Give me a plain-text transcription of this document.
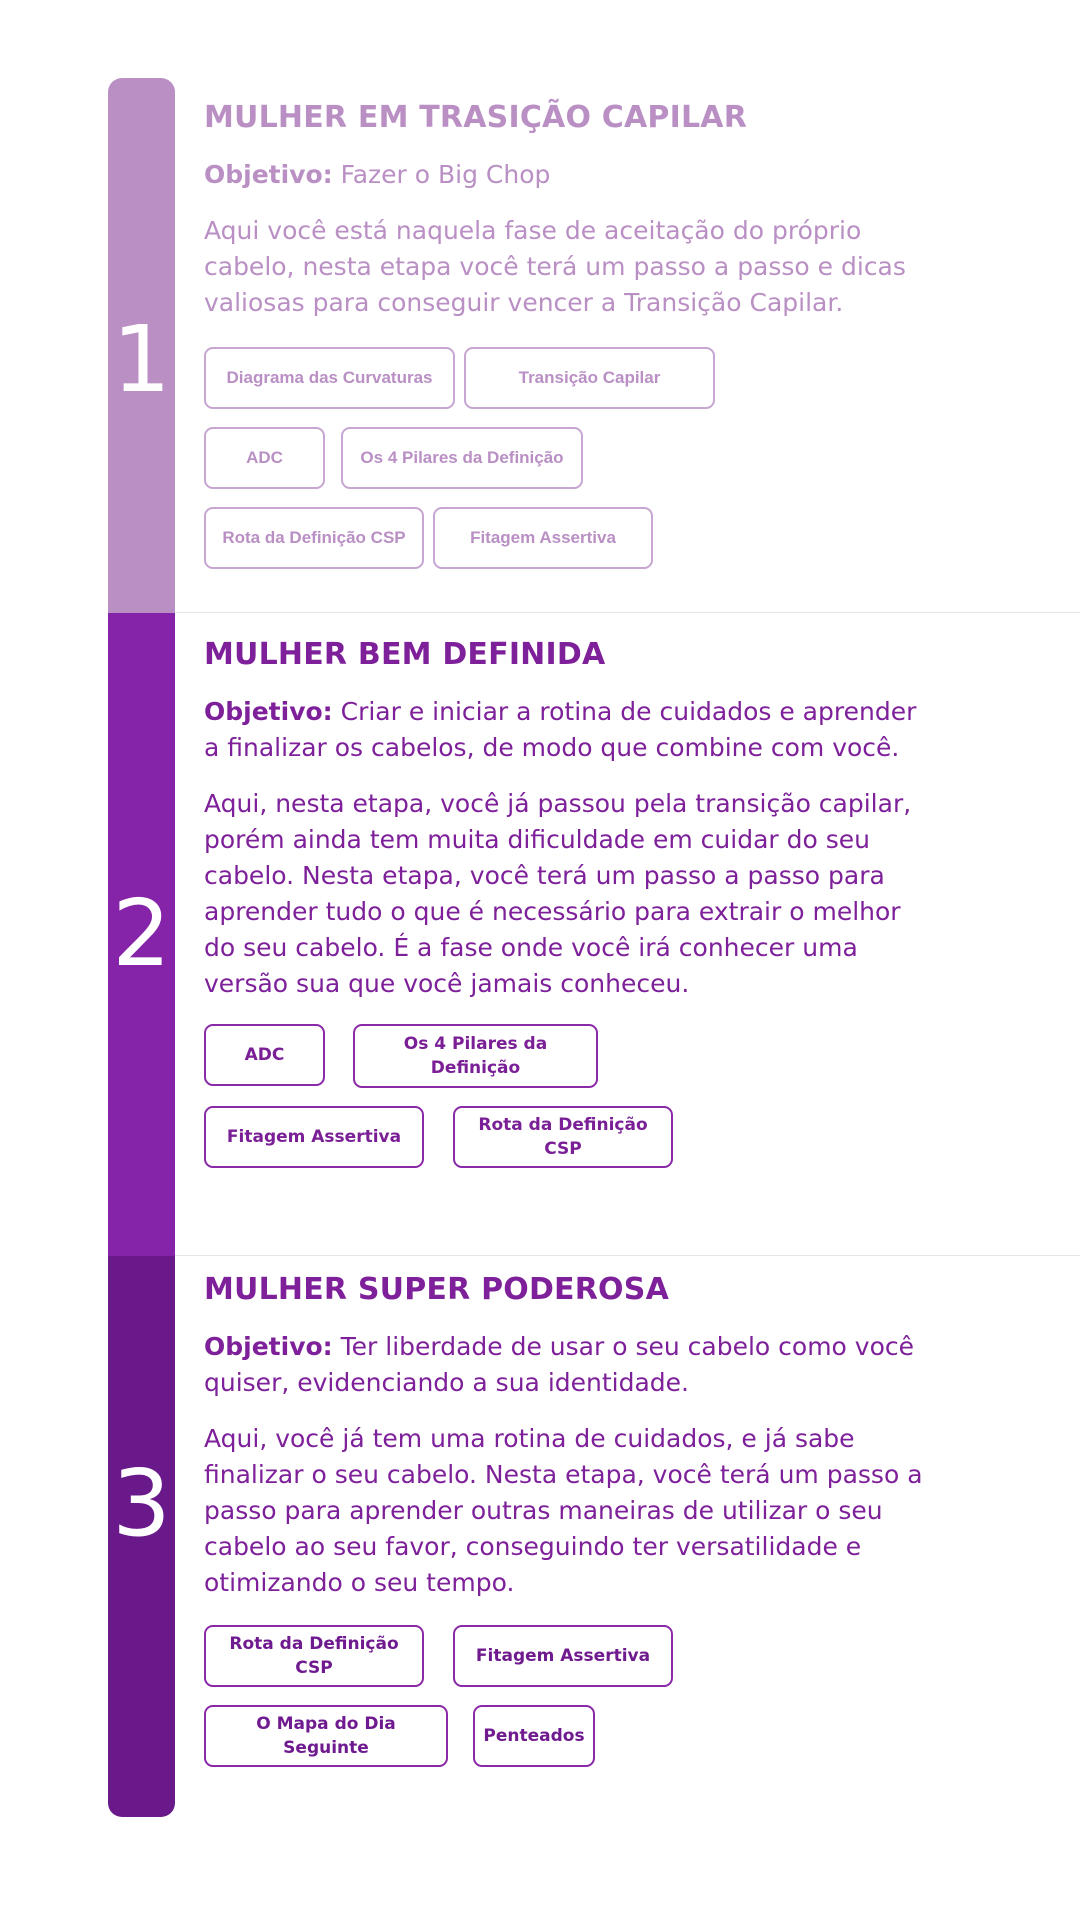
1
MULHER EM TRASIÇÃO CAPILAR

Objetivo: Fazer o Big Chop

Aqui você está naquela fase de aceitação do próprio cabelo, nesta etapa você terá um passo a passo e dicas valiosas para conseguir vencer a Transição Capilar.

Diagrama das Curvaturas	Transição Capilar
ADC	Os 4 Pilares da Definição
Rota da Definição CSP	Fitagem Assertiva
2
MULHER BEM DEFINIDA

Objetivo: Criar e iniciar a rotina de cuidados e aprender a finalizar os cabelos, de modo que combine com você.

Aqui, nesta etapa, você já passou pela transição capilar, porém ainda tem muita dificuldade em cuidar do seu cabelo. Nesta etapa, você terá um passo a passo para aprender tudo o que é necessário para extrair o melhor do seu cabelo. É a fase onde você irá conhecer uma versão sua que você jamais conheceu.

ADC
Os 4 Pilares da Definição
Fitagem Assertiva
Rota da Definição CSP
3
MULHER SUPER PODEROSA

Objetivo: Ter liberdade de usar o seu cabelo como você quiser, evidenciando a sua identidade.

Aqui, você já tem uma rotina de cuidados, e já sabe finalizar o seu cabelo. Nesta etapa, você terá um passo a passo para aprender outras maneiras de utilizar o seu cabelo ao seu favor, conseguindo ter versatilidade e otimizando o seu tempo.

Rota da Definição CSP
Fitagem Assertiva
O Mapa do Dia Seguinte
Penteados
